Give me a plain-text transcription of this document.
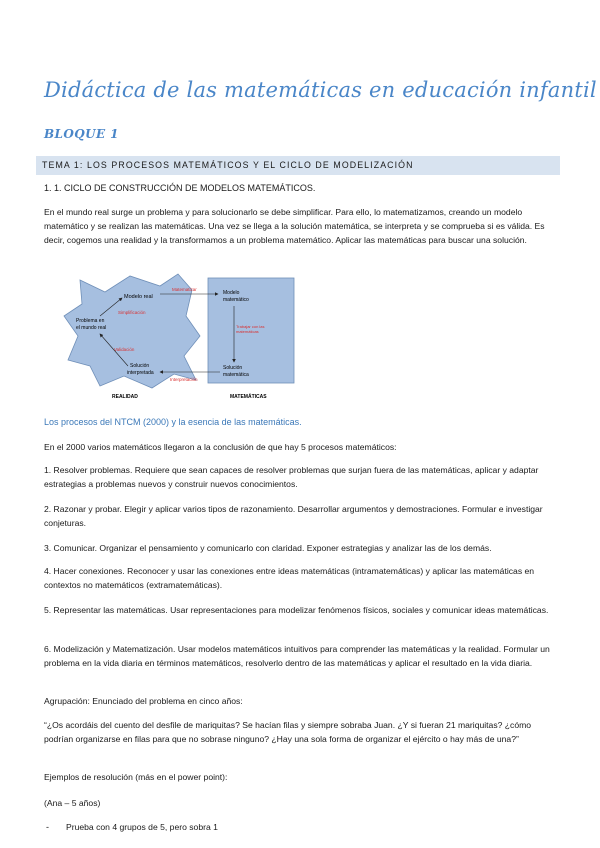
Didáctica de las matemáticas en educación infantil
BLOQUE 1
TEMA 1: LOS PROCESOS MATEMÁTICOS Y EL CICLO DE MODELIZACIÓN
1. 1. CICLO DE CONSTRUCCIÓN DE MODELOS MATEMÁTICOS.
En el mundo real surge un problema y para solucionarlo se debe simplificar. Para ello, lo matematizamos, creando un modelo matemático y se realizan las matemáticas. Una vez se llega a la solución matemática, se interpreta y se comprueba si es válida. Es decir, cogemos una realidad y la transformamos a un problema matemático. Aplicar las matemáticas para buscar una solución.
Modelo real
Problema en
el mundo real
Simplificación
Validación
Solución
interpretada
REALIDAD
Matematizar
Interpretación
Modelo
matemático
Trabajar con las
matemáticas
Solución
matemática
MATEMÁTICAS
Los procesos del NTCM (2000) y la esencia de las matemáticas.
En el 2000 varios matemáticos llegaron a la conclusión de que hay 5 procesos matemáticos:
1. Resolver problemas. Requiere que sean capaces de resolver problemas que surjan fuera de las matemáticas, aplicar y adaptar estrategias a problemas nuevos y construir nuevos conocimientos.
2. Razonar y probar. Elegir y aplicar varios tipos de razonamiento. Desarrollar argumentos y demostraciones. Formular e investigar conjeturas.
3. Comunicar. Organizar el pensamiento y comunicarlo con claridad. Exponer estrategias y analizar las de los demás.
4. Hacer conexiones. Reconocer y usar las conexiones entre ideas matemáticas (intramatemáticas) y aplicar las matemáticas en contextos no matemáticos (extramatemáticas).
5. Representar las matemáticas. Usar representaciones para modelizar fenómenos físicos, sociales y comunicar ideas matemáticas.
6. Modelización y Matematización. Usar modelos matemáticos intuitivos para comprender las matemáticas y la realidad. Formular un problema en la vida diaria en términos matemáticos, resolverlo dentro de las matemáticas y aplicar el resultado en la vida diaria.
Agrupación: Enunciado del problema en cinco años:
“¿Os acordáis del cuento del desfile de mariquitas? Se hacían filas y siempre sobraba Juan. ¿Y si fueran 21 mariquitas? ¿cómo podrían organizarse en filas para que no sobrase ninguno? ¿Hay una sola forma de organizar el ejército o hay más de una?”
Ejemplos de resolución (más en el power point):
(Ana – 5 años)
- Prueba con 4 grupos de 5, pero sobra 1
